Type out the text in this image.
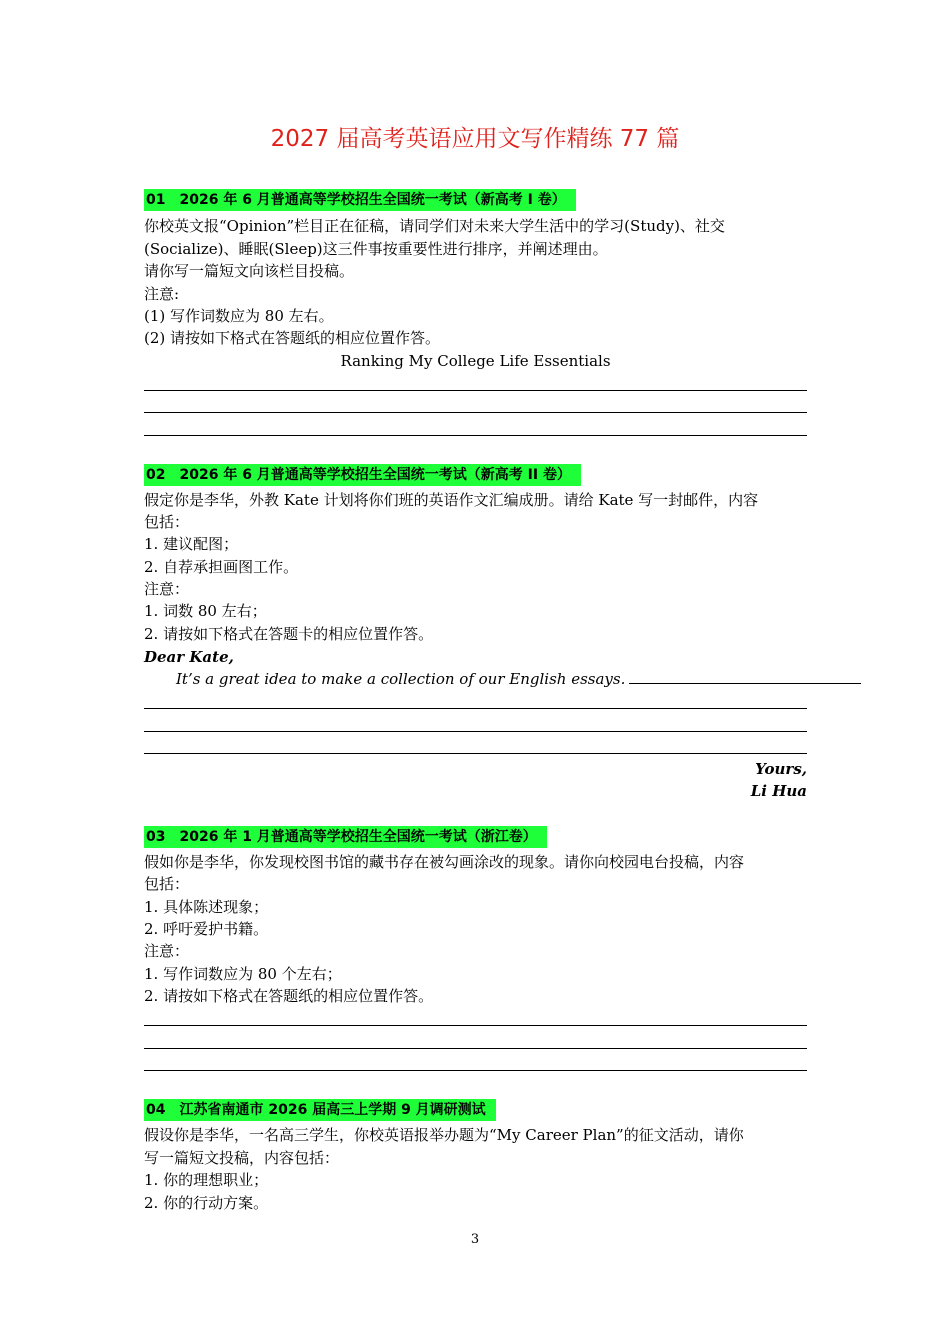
2027 届高考英语应用文写作精练 77 篇
01　2026 年 6 月普通高等学校招生全国统一考试（新高考 I 卷）
你校英文报“Opinion”栏目正在征稿，请同学们对未来大学生活中的学习(Study)、社交
(Socialize)、睡眠(Sleep)这三件事按重要性进行排序，并阐述理由。
请你写一篇短文向该栏目投稿。
注意:
(1) 写作词数应为 80 左右。
(2) 请按如下格式在答题纸的相应位置作答。
Ranking My College Life Essentials
02　2026 年 6 月普通高等学校招生全国统一考试（新高考 II 卷）
假定你是李华，外教 Kate 计划将你们班的英语作文汇编成册。请给 Kate 写一封邮件，内容
包括：
1. 建议配图；
2. 自荐承担画图工作。
注意：
1. 词数 80 左右；
2. 请按如下格式在答题卡的相应位置作答。
Dear Kate,
It’s a great idea to make a collection of our English essays.
Yours,
Li Hua
03　2026 年 1 月普通高等学校招生全国统一考试（浙江卷）
假如你是李华，你发现校图书馆的藏书存在被勾画涂改的现象。请你向校园电台投稿，内容
包括：
1. 具体陈述现象；
2. 呼吁爱护书籍。
注意：
1. 写作词数应为 80 个左右；
2. 请按如下格式在答题纸的相应位置作答。
04　江苏省南通市 2026 届高三上学期 9 月调研测试
假设你是李华，一名高三学生，你校英语报举办题为“My Career Plan”的征文活动，请你
写一篇短文投稿，内容包括：
1. 你的理想职业；
2. 你的行动方案。
3
